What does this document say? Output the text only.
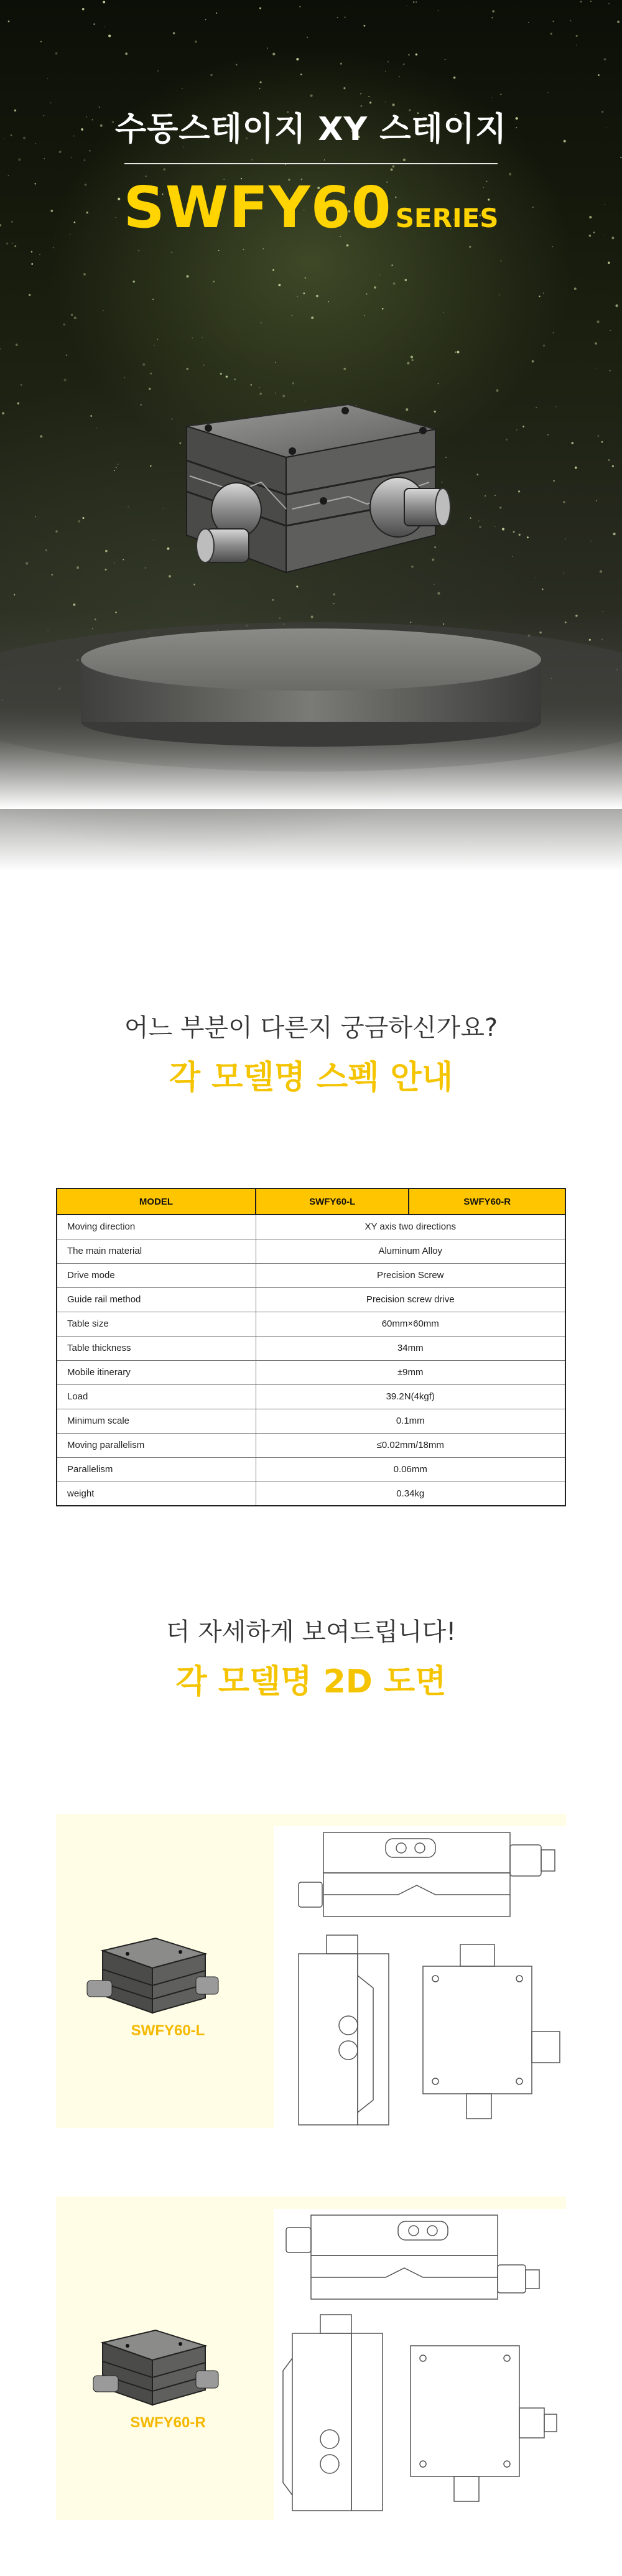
수동스테이지 XY 스테이지
SWFY60 SERIES
어느 부분이 다른지 궁금하신가요?
각 모델명 스펙 안내
MODEL	SWFY60-L	SWFY60-R
Moving direction	XY axis two directions	
The main material	Aluminum Alloy	
Drive mode	Precision Screw	
Guide rail method	Precision screw drive	
Table size	60mm×60mm	
Table thickness	34mm	
Mobile itinerary	±9mm	
Load	39.2N(4kgf)	
Minimum scale	0.1mm	
Moving parallelism	≤0.02mm/18mm	
Parallelism	0.06mm	
weight	0.34kg	
더 자세하게 보여드립니다!
각 모델명 2D 도면
SWFY60-L
SWFY60-R
